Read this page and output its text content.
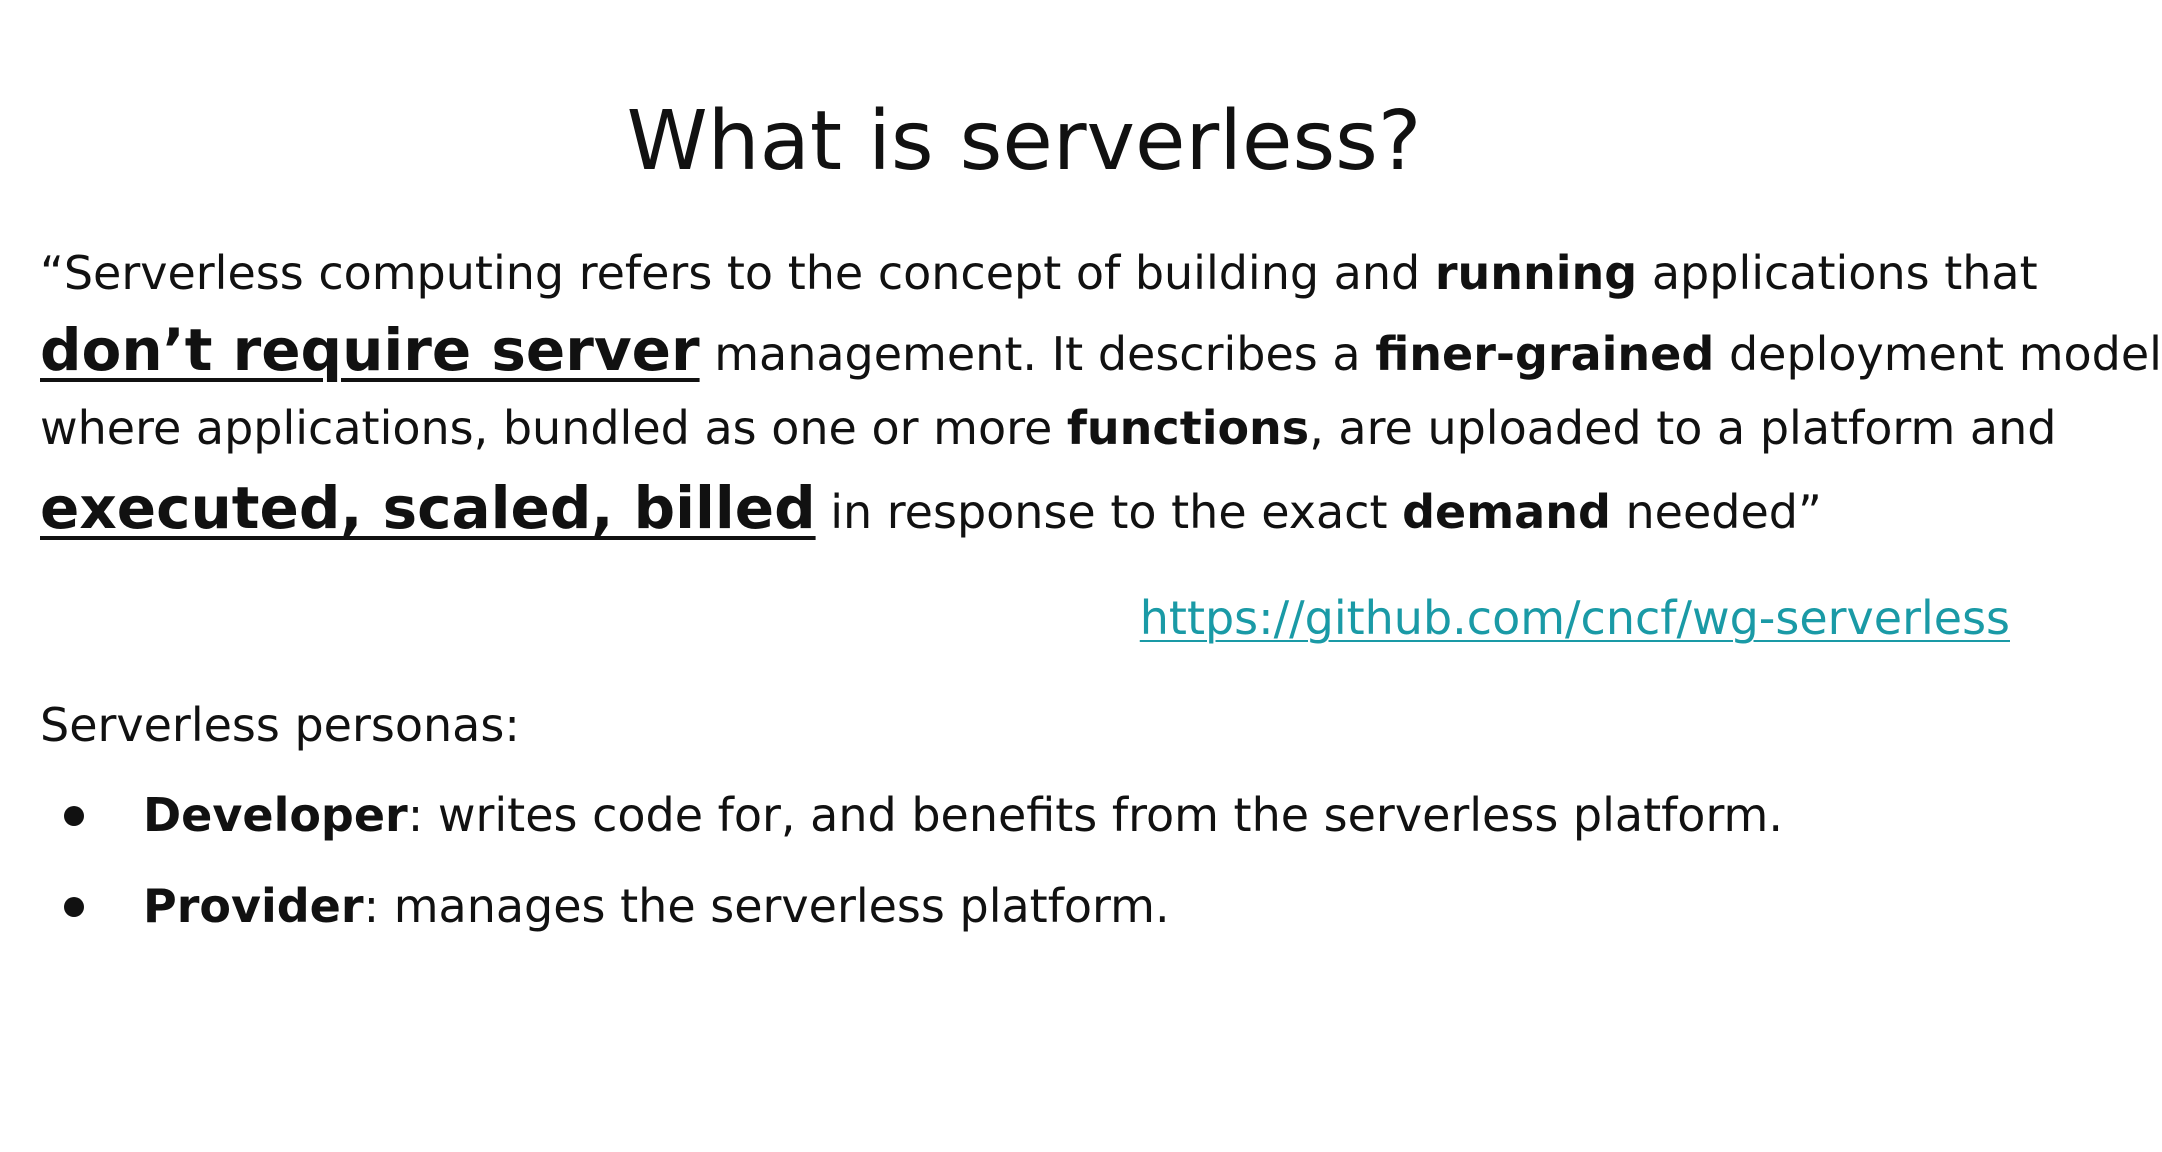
What is serverless?
“Serverless computing refers to the concept of building and running applications that
don’t require server management. It describes a finer-grained deployment model
where applications, bundled as one or more functions, are uploaded to a platform and
executed, scaled, billed in response to the exact demand needed”
https://github.com/cncf/wg-serverless
Serverless personas:
Developer: writes code for, and benefits from the serverless platform.
Provider: manages the serverless platform.
